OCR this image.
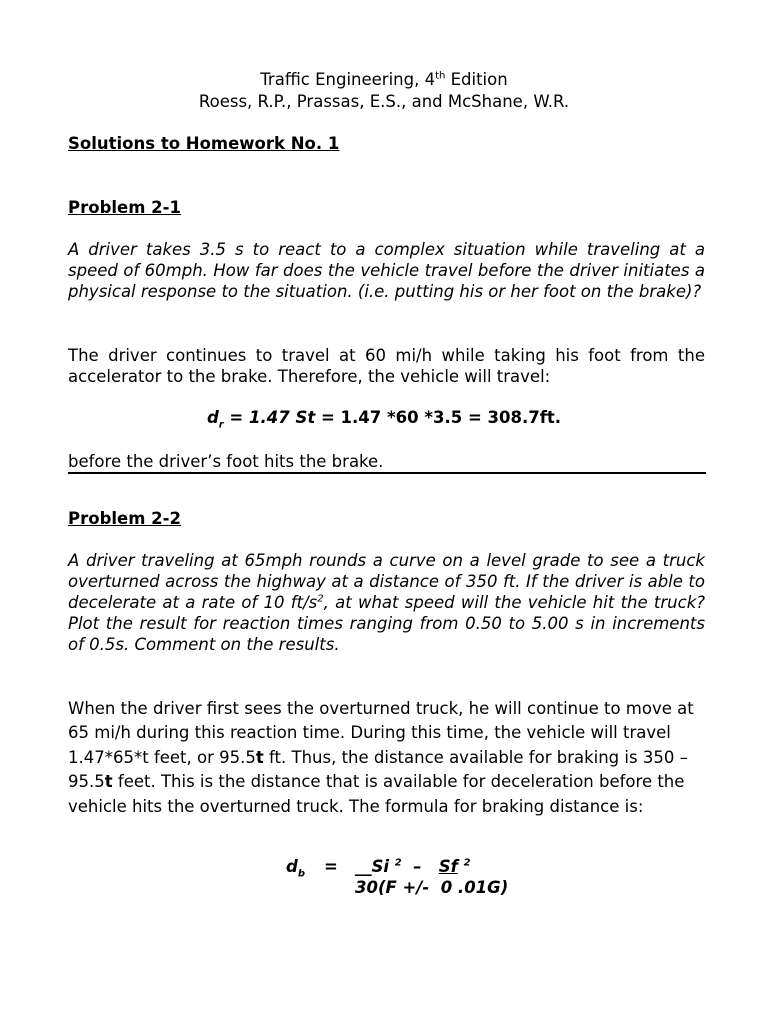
Traffic Engineering, 4th Edition
Roess, R.P., Prassas, E.S., and McShane, W.R.
Solutions to Homework No. 1
Problem 2-1
A driver takes 3.5 s to react to a complex situation while traveling at a speed of 60mph. How far does the vehicle travel before the driver initiates a physical response to the situation. (i.e. putting his or her foot on the brake)?
The driver continues to travel at 60 mi/h while taking his foot from the accelerator to the brake. Therefore, the vehicle will travel:
$d_r = 1.47$ St = 1.47 *60 *3.5 = 308.7ft.
before the driver’s foot hits the brake.
Problem 2-2
A driver traveling at 65mph rounds a curve on a level grade to see a truck overturned across the highway at a distance of 350 ft. If the driver is able to decelerate at a rate of 10 $ft/s^2$, at what speed will the vehicle hit the truck? Plot the result for reaction times ranging from 0.50 to 5.00 s in increments of 0.5s. Comment on the results.
When the driver first sees the overturned truck, he will continue to move at 65 mi/h during this reaction time. During this time, the vehicle will travel 1.47*65*t feet, or 95.5t ft. Thus, the distance available for braking is 350 – 95.5t feet. This is the distance that is available for deceleration before the vehicle hits the overturned truck. The formula for braking distance is:
$d_b$ = __Si $^2$ – Sf $^2$
30(F +/-  0 .01G)
